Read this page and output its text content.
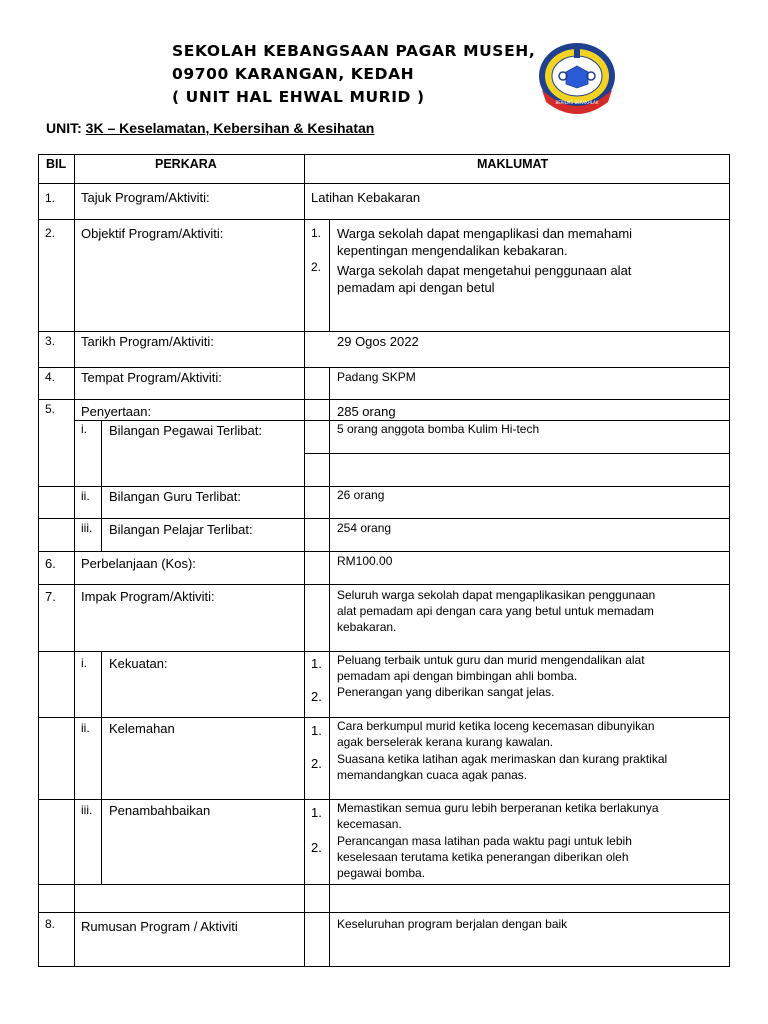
SEKOLAH KEBANGSAAN PAGAR MUSEH,
09700 KARANGAN, KEDAH
( UNIT HAL EHWAL MURID )	BERILMU BERAKHLAK
UNIT: 3K – Keselamatan, Kebersihan & Kesihatan
BIL	PERKARA	MAKLUMAT
1. Tajuk Program/Aktiviti:	Latihan Kebakaran
2. Objektif Program/Aktiviti:	1. Warga sekolah dapat mengaplikasi dan memahami
kepentingan mengendalikan kebakaran.
2. Warga sekolah dapat mengetahui penggunaan alat
pemadam api dengan betul
3. Tarikh Program/Aktiviti:	29 Ogos 2022
4. Tempat Program/Aktiviti:	Padang SKPM
5. Penyertaan:	285 orang
i. Bilangan Pegawai Terlibat:	5 orang anggota bomba Kulim Hi-tech
ii. Bilangan Guru Terlibat:	26 orang
iii. Bilangan Pelajar Terlibat:	254 orang
6. Perbelanjaan (Kos):	RM100.00
7. Impak Program/Aktiviti:	Seluruh warga sekolah dapat mengaplikasikan penggunaan
alat pemadam api dengan cara yang betul untuk memadam
kebakaran.
i. Kekuatan:	1. Peluang terbaik untuk guru dan murid mengendalikan alat
pemadam api dengan bimbingan ahli bomba.
2. Penerangan yang diberikan sangat jelas.
ii. Kelemahan	1. Cara berkumpul murid ketika loceng kecemasan dibunyikan
agak berselerak kerana kurang kawalan.
2. Suasana ketika latihan agak merimaskan dan kurang praktikal
memandangkan cuaca agak panas.
iii. Penambahbaikan	1. Memastikan semua guru lebih berperanan ketika berlakunya
kecemasan.
2. Perancangan masa latihan pada waktu pagi untuk lebih
keselesaan terutama ketika penerangan diberikan oleh
pegawai bomba.
8. Rumusan Program / Aktiviti	Keseluruhan program berjalan dengan baik
